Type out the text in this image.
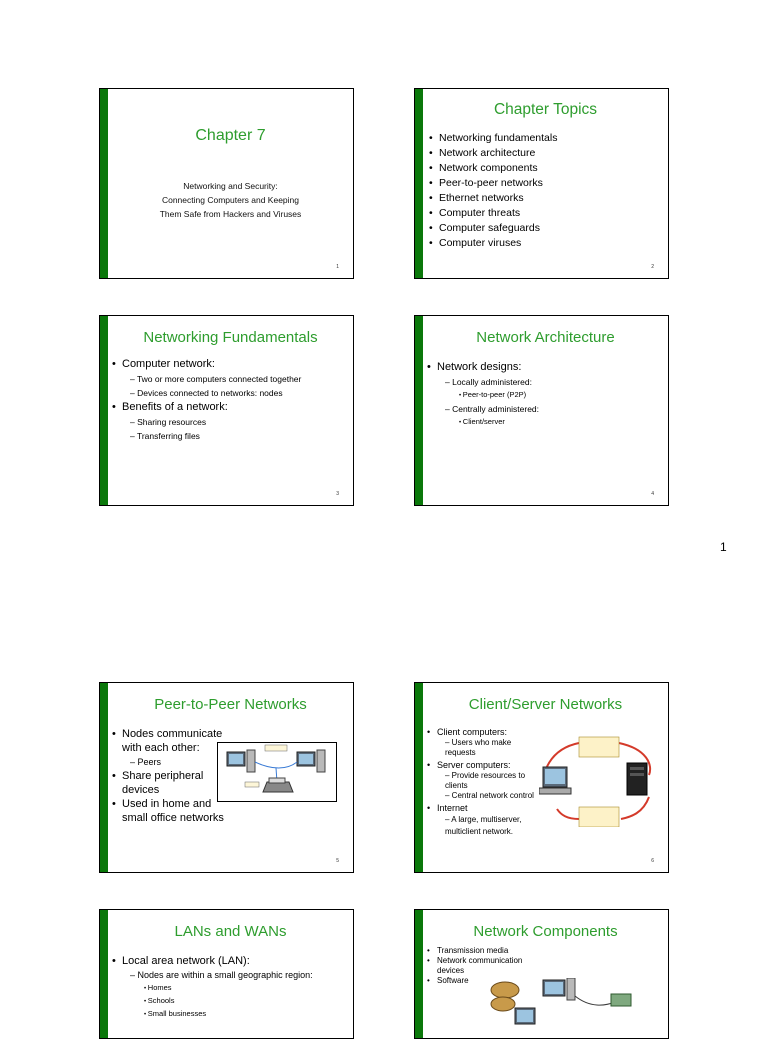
Chapter 7
Networking and Security:
Connecting Computers and Keeping
Them Safe from Hackers and Viruses
1
Chapter Topics
• Networking fundamentals
• Network architecture
• Network components
• Peer-to-peer networks
• Ethernet networks
• Computer threats
• Computer safeguards
• Computer viruses
2
Networking Fundamentals
• Computer network:
– Two or more computers connected together
– Devices connected to networks: nodes
• Benefits of a network:
– Sharing resources
– Transferring files
3
Network Architecture
• Network designs:
– Locally administered:
• Peer-to-peer (P2P)
– Centrally administered:
• Client/server
4
1
Peer-to-Peer Networks
• Nodes communicate with each other:
– Peers
• Share peripheral devices
• Used in home and small office networks
5
Client/Server Networks
• Client computers:
– Users who make requests
• Server computers:
– Provide resources to clients
– Central network control
• Internet
– A large, multiserver, multiclient network.
6
LANs and WANs
• Local area network (LAN):
– Nodes are within a small geographic region:
• Homes
• Schools
• Small businesses
Network Components
• Transmission media
• Network communication devices
• Software
